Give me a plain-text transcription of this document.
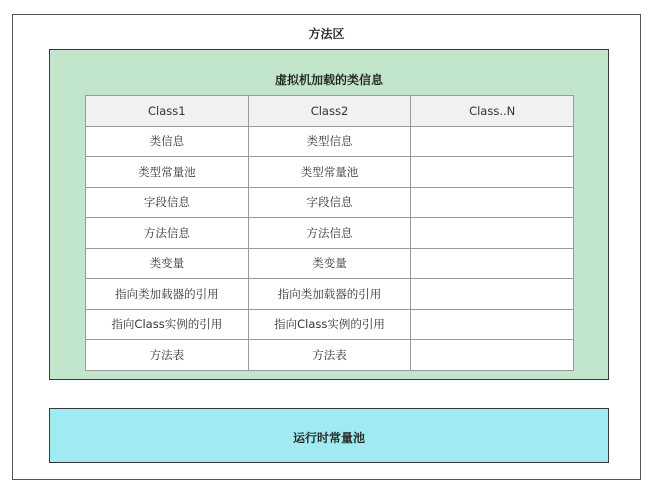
方法区
虚拟机加载的类信息
Class1	Class2	Class..N
类信息	类型信息	
类型常量池	类型常量池	
字段信息	字段信息	
方法信息	方法信息	
类变量	类变量	
指向类加载器的引用	指向类加载器的引用	
指向Class实例的引用	指向Class实例的引用	
方法表	方法表	
运行时常量池
